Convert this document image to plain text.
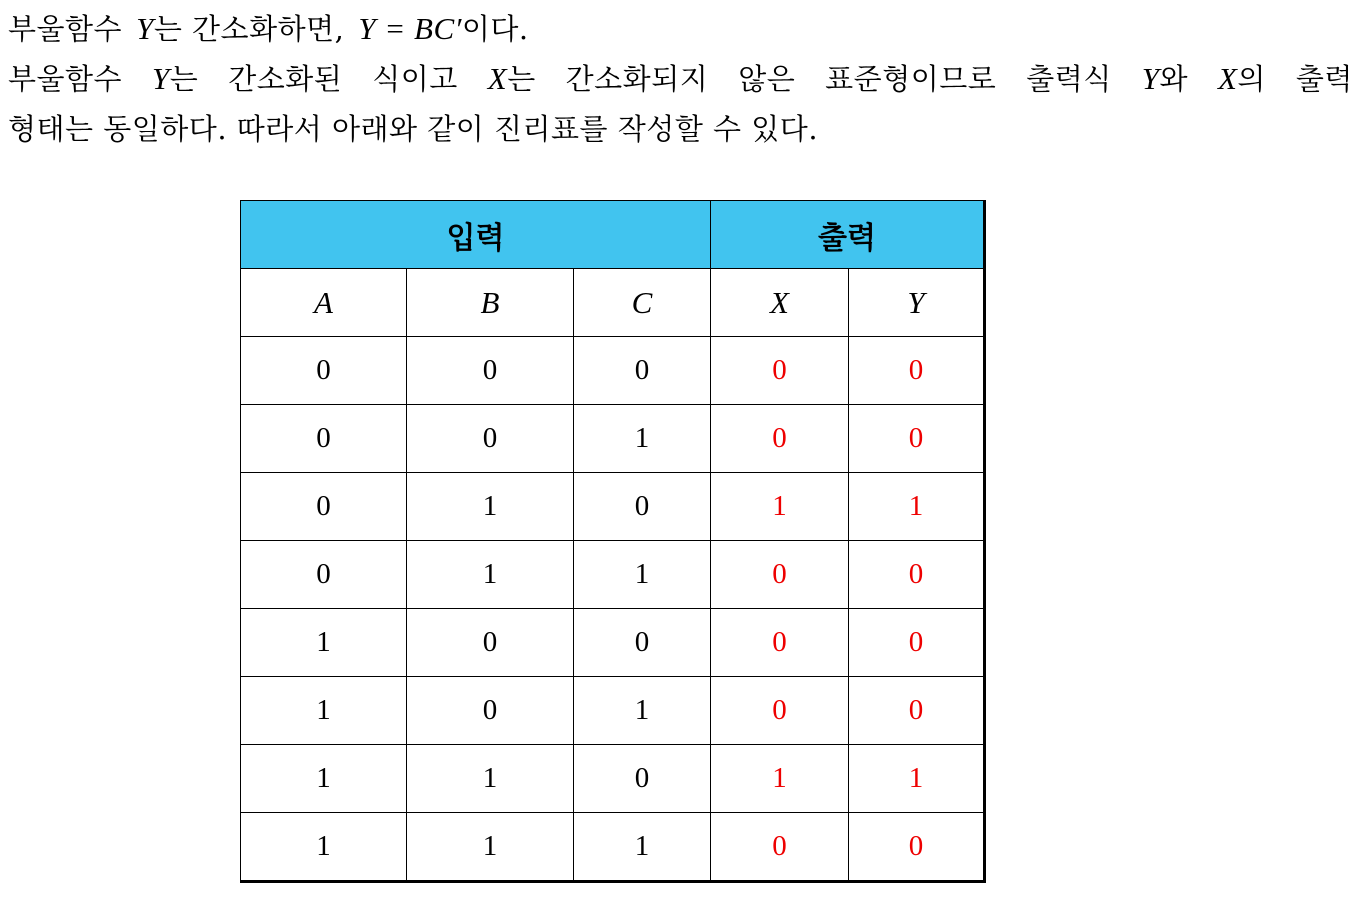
부울함수 Y는 간소화하면, Y = BC′이다.
부울함수 Y는 간소화된 식이고 X는 간소화되지 않은 표준형이므로 출력식 Y와 X의 출력
형태는 동일하다. 따라서 아래와 같이 진리표를 작성할 수 있다.
입력			출력	
A	B	C	X	Y
0	0	0	0	0
0	0	1	0	0
0	1	0	1	1
0	1	1	0	0
1	0	0	0	0
1	0	1	0	0
1	1	0	1	1
1	1	1	0	0
